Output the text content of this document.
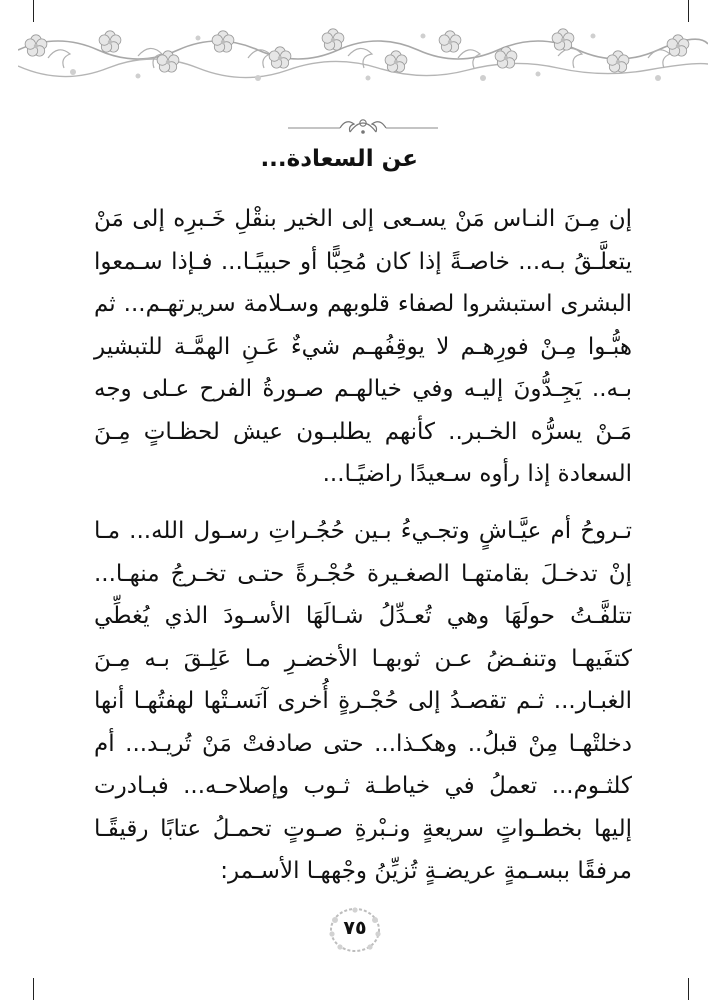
عن السعادة...

إن مِـنَ النـاس مَنْ يسـعى إلى الخير بنقْلِ خَـبرِه إلى مَنْ يتعلَّـقُ بـه... خاصـةً إذا كان مُحِبًّا أو حبيبًـا... فـإذا سـمعوا البشرى استبشروا لصفاء قلوبهم وسـلامة سريرتهـم... ثم هبُّـوا مِـنْ فورِهـم لا يوقِفُهـم شيءٌ عَـنِ الهمَّـة للتبشير بـه.. يَجِـدُّونَ إليـه وفي خيالهـم صـورةُ الفرح عـلى وجه مَـنْ يسرُّه الخـبر.. كأنهم يطلبـون عيش لحظـاتٍ مِـنَ السعادة إذا رأوه سـعيدًا راضيًـا...

تـروحُ أم عيَّـاشٍ وتجـيءُ بـين حُجُـراتِ رسـول الله... مـا إنْ تدخـلَ بقامتهـا الصغـيرة حُجْـرةً حتـى تخـرجُ منهـا... تتلفَّـتُ حولَهَا وهي تُعـدِّلُ شـالَهَا الأسـودَ الذي يُغطِّي كتفَيهـا وتنفـضُ عـن ثوبهـا الأخضـرِ مـا عَلِـقَ بـه مِـنَ الغبـار... ثـم تقصـدُ إلى حُجْـرةٍ أُخرى آنَسـتْها لهفتُهـا أنها دخلتْهـا مِنْ قبلُ.. وهكـذا... حتى صادفتْ مَنْ تُريـد... أم كلثـوم... تعملُ في خياطـة ثـوب وإصلاحـه... فبـادرت إليها بخطـواتٍ سريعةٍ ونـبْرةِ صـوتٍ تحمـلُ عتابًا رقيقًـا مرفقًا ببسـمةٍ عريضـةٍ تُزيِّنُ وجْههـا الأسـمر:

٧٥
